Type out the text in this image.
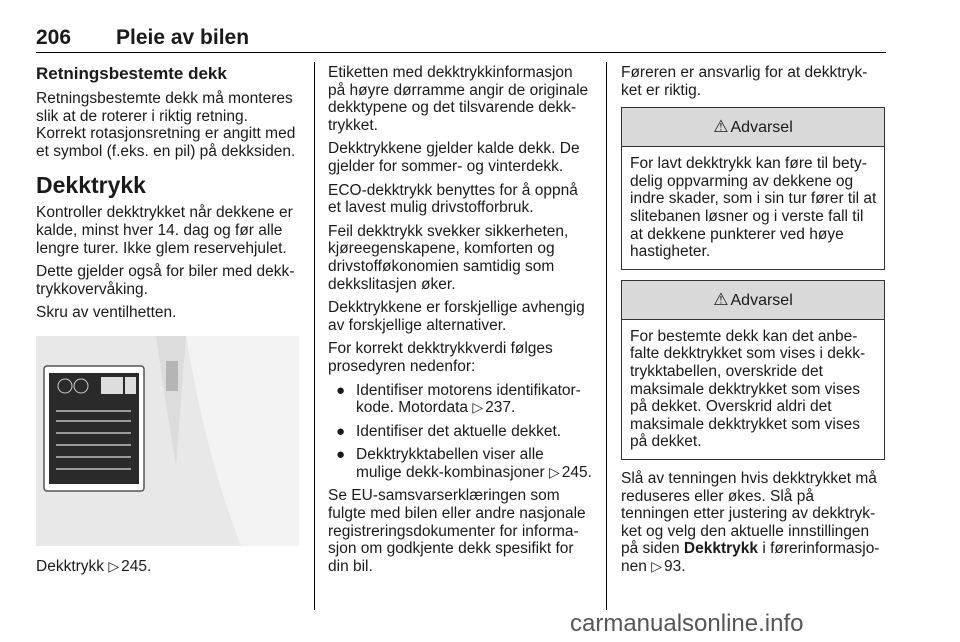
206 Pleie av bilen
Retningsbestemte dekk

Retningsbestemte dekk må monteres slik at de roterer i riktig retning. Korrekt rotasjonsretning er angitt med et symbol (f.eks. en pil) på dekksiden.

Dekktrykk

Kontroller dekktrykket når dekkene er kalde, minst hver 14. dag og før alle lengre turer. Ikke glem reservehjulet.

Dette gjelder også for biler med dekk-trykkovervåking.

Skru av ventilhetten.

Dekktrykk ▷ 245.

Etiketten med dekktrykkinformasjon på høyre dørramme angir de originale dekktypene og det tilsvarende dekk-trykket.

Dekktrykkene gjelder kalde dekk. De gjelder for sommer- og vinterdekk.

ECO-dekktrykk benyttes for å oppnå et lavest mulig drivstofforbruk.

Feil dekktrykk svekker sikkerheten, kjøreegenskapene, komforten og drivstofføkonomien samtidig som dekkslitasjen øker.

Dekktrykkene er forskjellige avhengig av forskjellige alternativer.

For korrekt dekktrykkverdi følges prosedyren nedenfor:

● Identifiser motorens identifikator-kode. Motordata ▷ 237.
● Identifiser det aktuelle dekket.
● Dekktrykktabellen viser alle mulige dekk-kombinasjoner ▷ 245.

Se EU-samsvarserklæringen som fulgte med bilen eller andre nasjonale registreringsdokumenter for informa-sjon om godkjente dekk spesifikt for din bil.

Føreren er ansvarlig for at dekktryk-ket er riktig.

⚠ Advarsel
For lavt dekktrykk kan føre til bety-delig oppvarming av dekkene og indre skader, som i sin tur fører til at slitebanen løsner og i verste fall til at dekkene punkterer ved høye hastigheter.
⚠ Advarsel
For bestemte dekk kan det anbe-falte dekktrykket som vises i dekk-trykktabellen, overskride det maksimale dekktrykket som vises på dekket. Overskrid aldri det maksimale dekktrykket som vises på dekket.

Slå av tenningen hvis dekktrykket må reduseres eller økes. Slå på tenningen etter justering av dekktryk-ket og velg den aktuelle innstillingen på siden Dekktrykk i førerinformasjo-nen ▷ 93.

carmanualsonline.info
